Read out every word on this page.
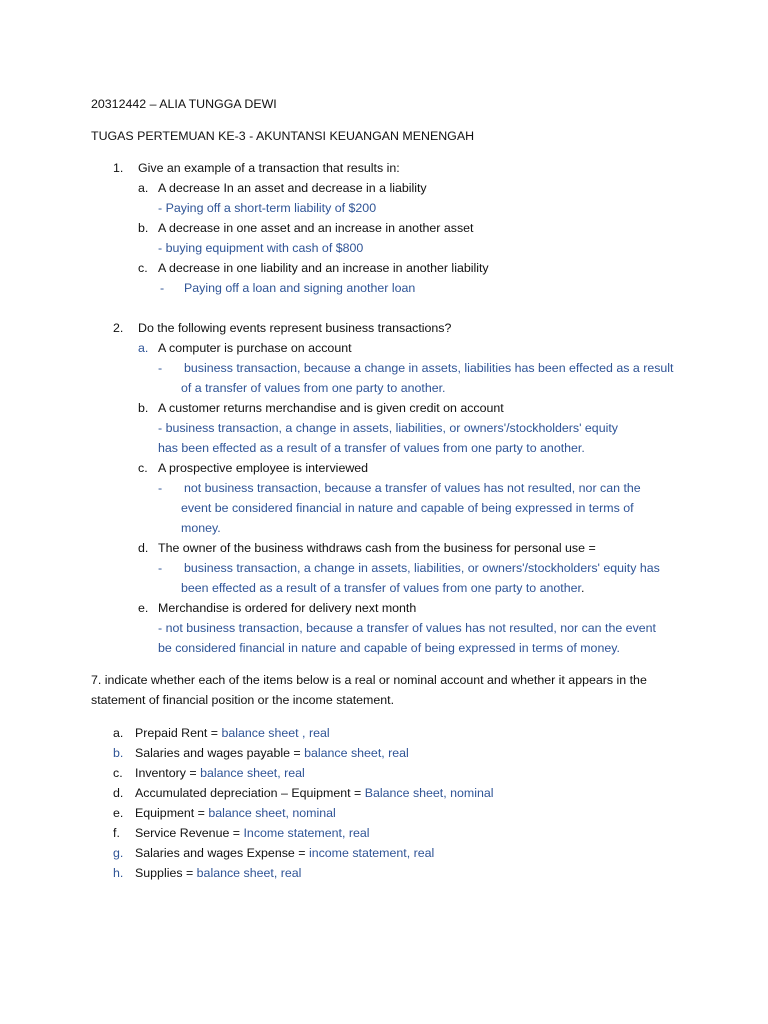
20312442 – ALIA TUNGGA DEWI
TUGAS PERTEMUAN KE-3 - AKUNTANSI KEUANGAN MENENGAH
1. Give an example of a transaction that results in:
a. A decrease In an asset and decrease in a liability
- Paying off a short-term liability of $200
b. A decrease in one asset and an increase in another asset
- buying equipment with cash of $800
c. A decrease in one liability and an increase in another liability
- Paying off a loan and signing another loan
2. Do the following events represent business transactions?
a. A computer is purchase on account
- business transaction, because a change in assets, liabilities has been effected as a result
of a transfer of values from one party to another.
b. A customer returns merchandise and is given credit on account
- business transaction, a change in assets, liabilities, or owners'/stockholders' equity
has been effected as a result of a transfer of values from one party to another.
c. A prospective employee is interviewed
- not business transaction, because a transfer of values has not resulted, nor can the
event be considered financial in nature and capable of being expressed in terms of
money.
d. The owner of the business withdraws cash from the business for personal use =
- business transaction, a change in assets, liabilities, or owners'/stockholders' equity has
been effected as a result of a transfer of values from one party to another.
e. Merchandise is ordered for delivery next month
- not business transaction, because a transfer of values has not resulted, nor can the event
be considered financial in nature and capable of being expressed in terms of money.
7. indicate whether each of the items below is a real or nominal account and whether it appears in the
statement of financial position or the income statement.
a. Prepaid Rent = balance sheet , real
b. Salaries and wages payable = balance sheet, real
c. Inventory = balance sheet, real
d. Accumulated depreciation – Equipment = Balance sheet, nominal
e. Equipment = balance sheet, nominal
f. Service Revenue = Income statement, real
g. Salaries and wages Expense = income statement, real
h. Supplies = balance sheet, real
